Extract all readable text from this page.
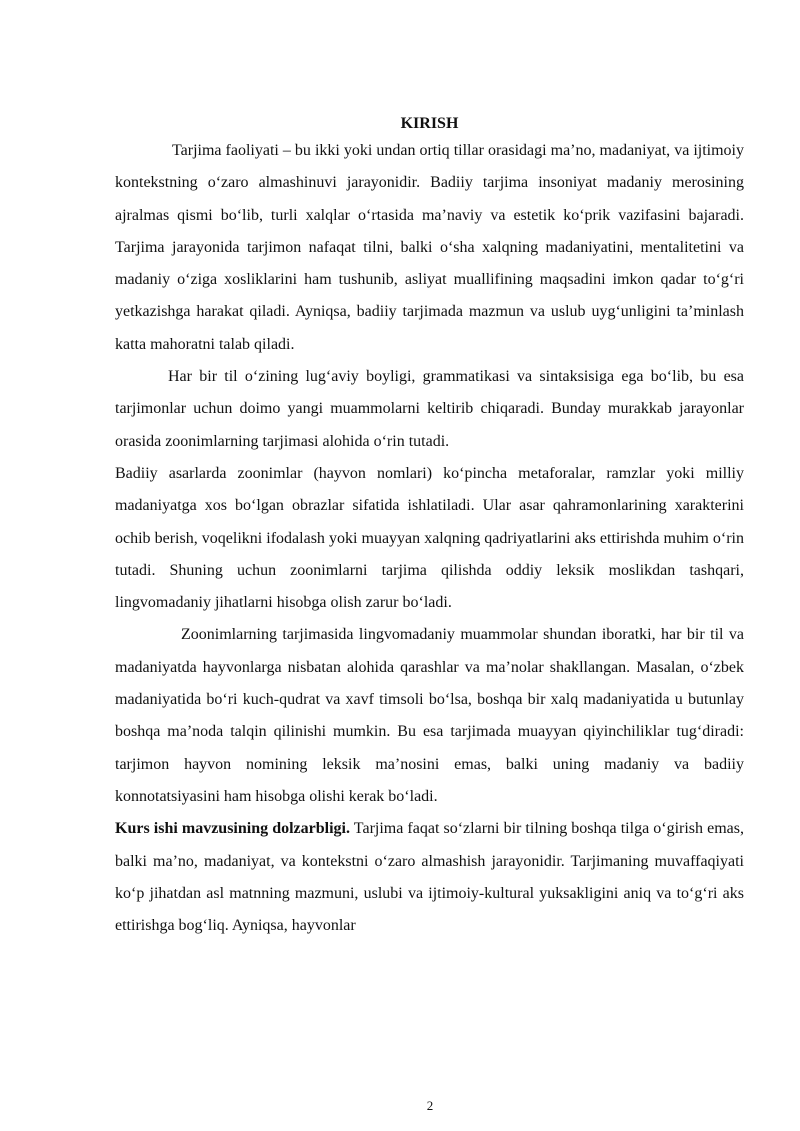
KIRISH

Tarjima faoliyati – bu ikki yoki undan ortiq tillar orasidagi ma’no, madaniyat, va ijtimoiy kontekstning o‘zaro almashinuvi jarayonidir. Badiiy tarjima insoniyat madaniy merosining ajralmas qismi bo‘lib, turli xalqlar o‘rtasida ma’naviy va estetik ko‘prik vazifasini bajaradi. Tarjima jarayonida tarjimon nafaqat tilni, balki o‘sha xalqning madaniyatini, mentalitetini va madaniy o‘ziga xosliklarini ham tushunib, asliyat muallifining maqsadini imkon qadar to‘g‘ri yetkazishga harakat qiladi. Ayniqsa, badiiy tarjimada mazmun va uslub uyg‘unligini ta’minlash katta mahoratni talab qiladi.

Har bir til o‘zining lug‘aviy boyligi, grammatikasi va sintaksisiga ega bo‘lib, bu esa tarjimonlar uchun doimo yangi muammolarni keltirib chiqaradi. Bunday murakkab jarayonlar orasida zoonimlarning tarjimasi alohida o‘rin tutadi.

Badiiy asarlarda zoonimlar (hayvon nomlari) ko‘pincha metaforalar, ramzlar yoki milliy madaniyatga xos bo‘lgan obrazlar sifatida ishlatiladi. Ular asar qahramonlarining xarakterini ochib berish, voqelikni ifodalash yoki muayyan xalqning qadriyatlarini aks ettirishda muhim o‘rin tutadi. Shuning uchun zoonimlarni tarjima qilishda oddiy leksik moslikdan tashqari, lingvomadaniy jihatlarni hisobga olish zarur bo‘ladi.

Zoonimlarning tarjimasida lingvomadaniy muammolar shundan iboratki, har bir til va madaniyatda hayvonlarga nisbatan alohida qarashlar va ma’nolar shakllangan. Masalan, o‘zbek madaniyatida bo‘ri kuch-qudrat va xavf timsoli bo‘lsa, boshqa bir xalq madaniyatida u butunlay boshqa ma’noda talqin qilinishi mumkin. Bu esa tarjimada muayyan qiyinchiliklar tug‘diradi: tarjimon hayvon nomining leksik ma’nosini emas, balki uning madaniy va badiiy konnotatsiyasini ham hisobga olishi kerak bo‘ladi.

Kurs ishi mavzusining dolzarbligi. Tarjima faqat so‘zlarni bir tilning boshqa tilga o‘girish emas, balki ma’no, madaniyat, va kontekstni o‘zaro almashish jarayonidir. Tarjimaning muvaffaqiyati ko‘p jihatdan asl matnning mazmuni, uslubi va ijtimoiy-kultural yuksakligini aniq va to‘g‘ri aks ettirishga bog‘liq. Ayniqsa, hayvonlar

2
